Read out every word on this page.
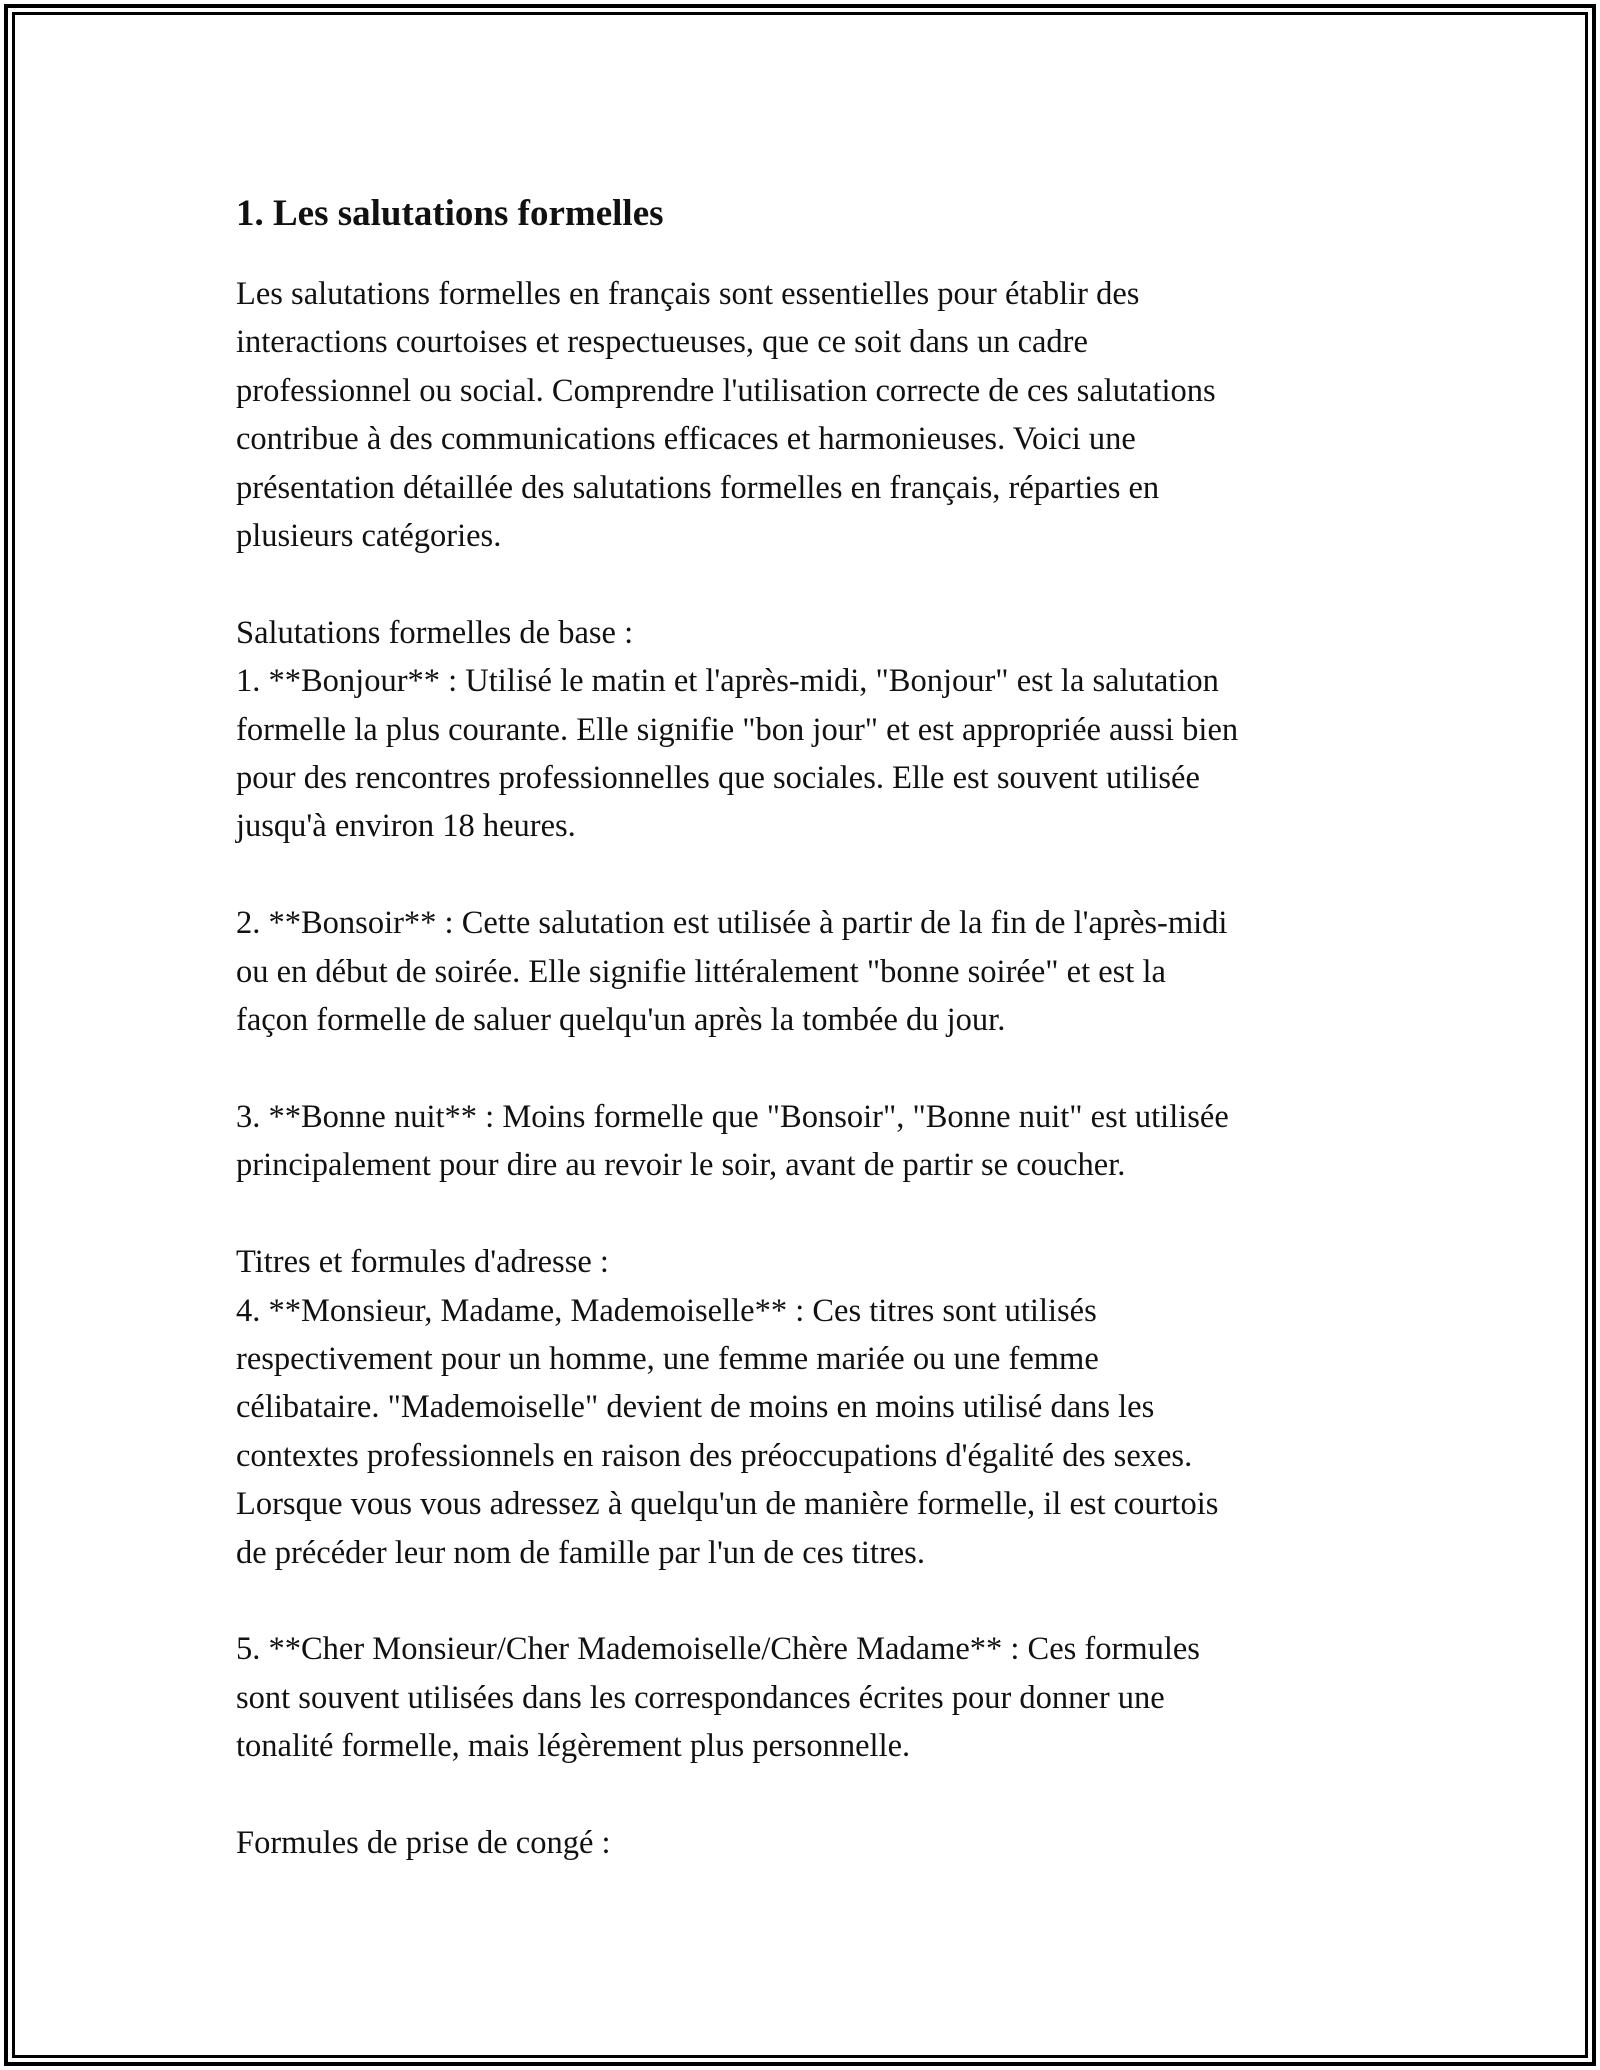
1. Les salutations formelles

Les salutations formelles en français sont essentielles pour établir des
interactions courtoises et respectueuses, que ce soit dans un cadre
professionnel ou social. Comprendre l'utilisation correcte de ces salutations
contribue à des communications efficaces et harmonieuses. Voici une
présentation détaillée des salutations formelles en français, réparties en
plusieurs catégories.

Salutations formelles de base :
1. **Bonjour** : Utilisé le matin et l'après-midi, "Bonjour" est la salutation
formelle la plus courante. Elle signifie "bon jour" et est appropriée aussi bien
pour des rencontres professionnelles que sociales. Elle est souvent utilisée
jusqu'à environ 18 heures.

2. **Bonsoir** : Cette salutation est utilisée à partir de la fin de l'après-midi
ou en début de soirée. Elle signifie littéralement "bonne soirée" et est la
façon formelle de saluer quelqu'un après la tombée du jour.

3. **Bonne nuit** : Moins formelle que "Bonsoir", "Bonne nuit" est utilisée
principalement pour dire au revoir le soir, avant de partir se coucher.

Titres et formules d'adresse :
4. **Monsieur, Madame, Mademoiselle** : Ces titres sont utilisés
respectivement pour un homme, une femme mariée ou une femme
célibataire. "Mademoiselle" devient de moins en moins utilisé dans les
contextes professionnels en raison des préoccupations d'égalité des sexes.
Lorsque vous vous adressez à quelqu'un de manière formelle, il est courtois
de précéder leur nom de famille par l'un de ces titres.

5. **Cher Monsieur/Cher Mademoiselle/Chère Madame** : Ces formules
sont souvent utilisées dans les correspondances écrites pour donner une
tonalité formelle, mais légèrement plus personnelle.

Formules de prise de congé :
